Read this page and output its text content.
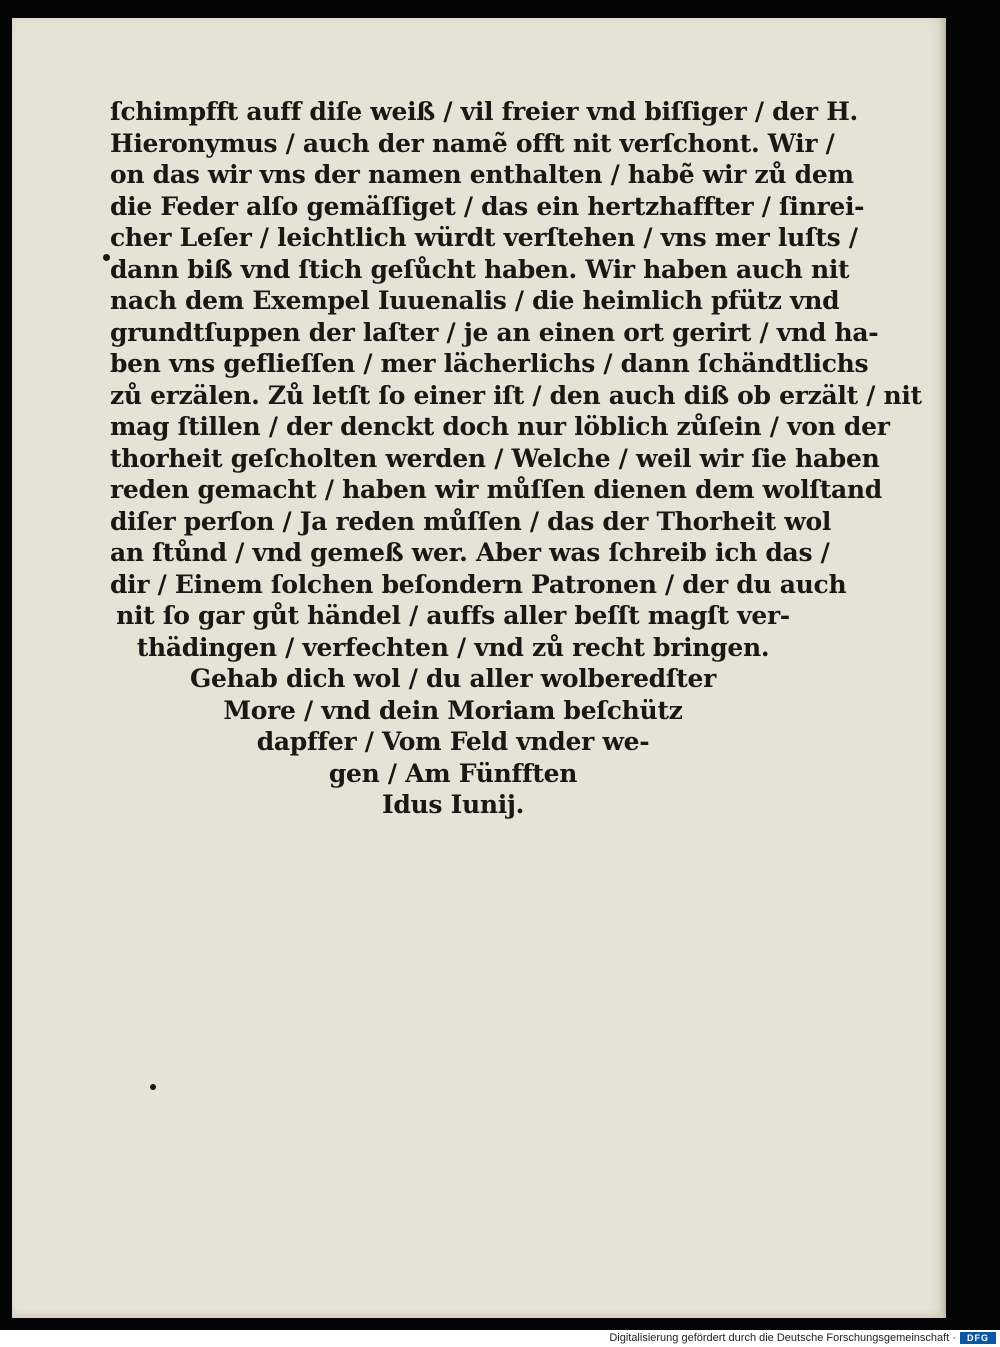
ſchimpfft auff diſe weiß / vil freier vnd biſſiger / der H.
Hieronymus / auch der namẽ offt nit verſchont. Wir /
on das wir vns der namen enthalten / habẽ wir zů dem
die Feder alſo gemäſſiget / das ein hertzhaffter / ſinrei-
cher Leſer / leichtlich würdt verſtehen / vns mer luſts /
dann biß vnd ſtich geſůcht haben. Wir haben auch nit
nach dem Exempel Iuuenalis / die heimlich pfütz vnd
grundtſuppen der laſter / je an einen ort gerirt / vnd ha-
ben vns geflieſſen / mer lächerlichs / dann ſchändtlichs
zů erzälen. Zů letſt ſo einer iſt / den auch diß ob erzält / nit
mag ſtillen / der denckt doch nur löblich zůſein / von der
thorheit geſcholten werden / Welche / weil wir ſie haben
reden gemacht / haben wir můſſen dienen dem wolſtand
diſer perſon / Ja reden můſſen / das der Thorheit wol
an ſtůnd / vnd gemeß wer. Aber was ſchreib ich das /
dir / Einem ſolchen beſondern Patronen / der du auch
nit ſo gar gůt händel / auffs aller beſſt magſt ver-
thädingen / verfechten / vnd zů recht bringen.
Gehab dich wol / du aller wolberedſter
More / vnd dein Moriam beſchütz
dapffer / Vom Feld vnder we-
gen / Am Fünfften
Idus Iunij.
Digitalisierung gefördert durch die Deutsche Forschungsgemeinschaft ·	DFG
